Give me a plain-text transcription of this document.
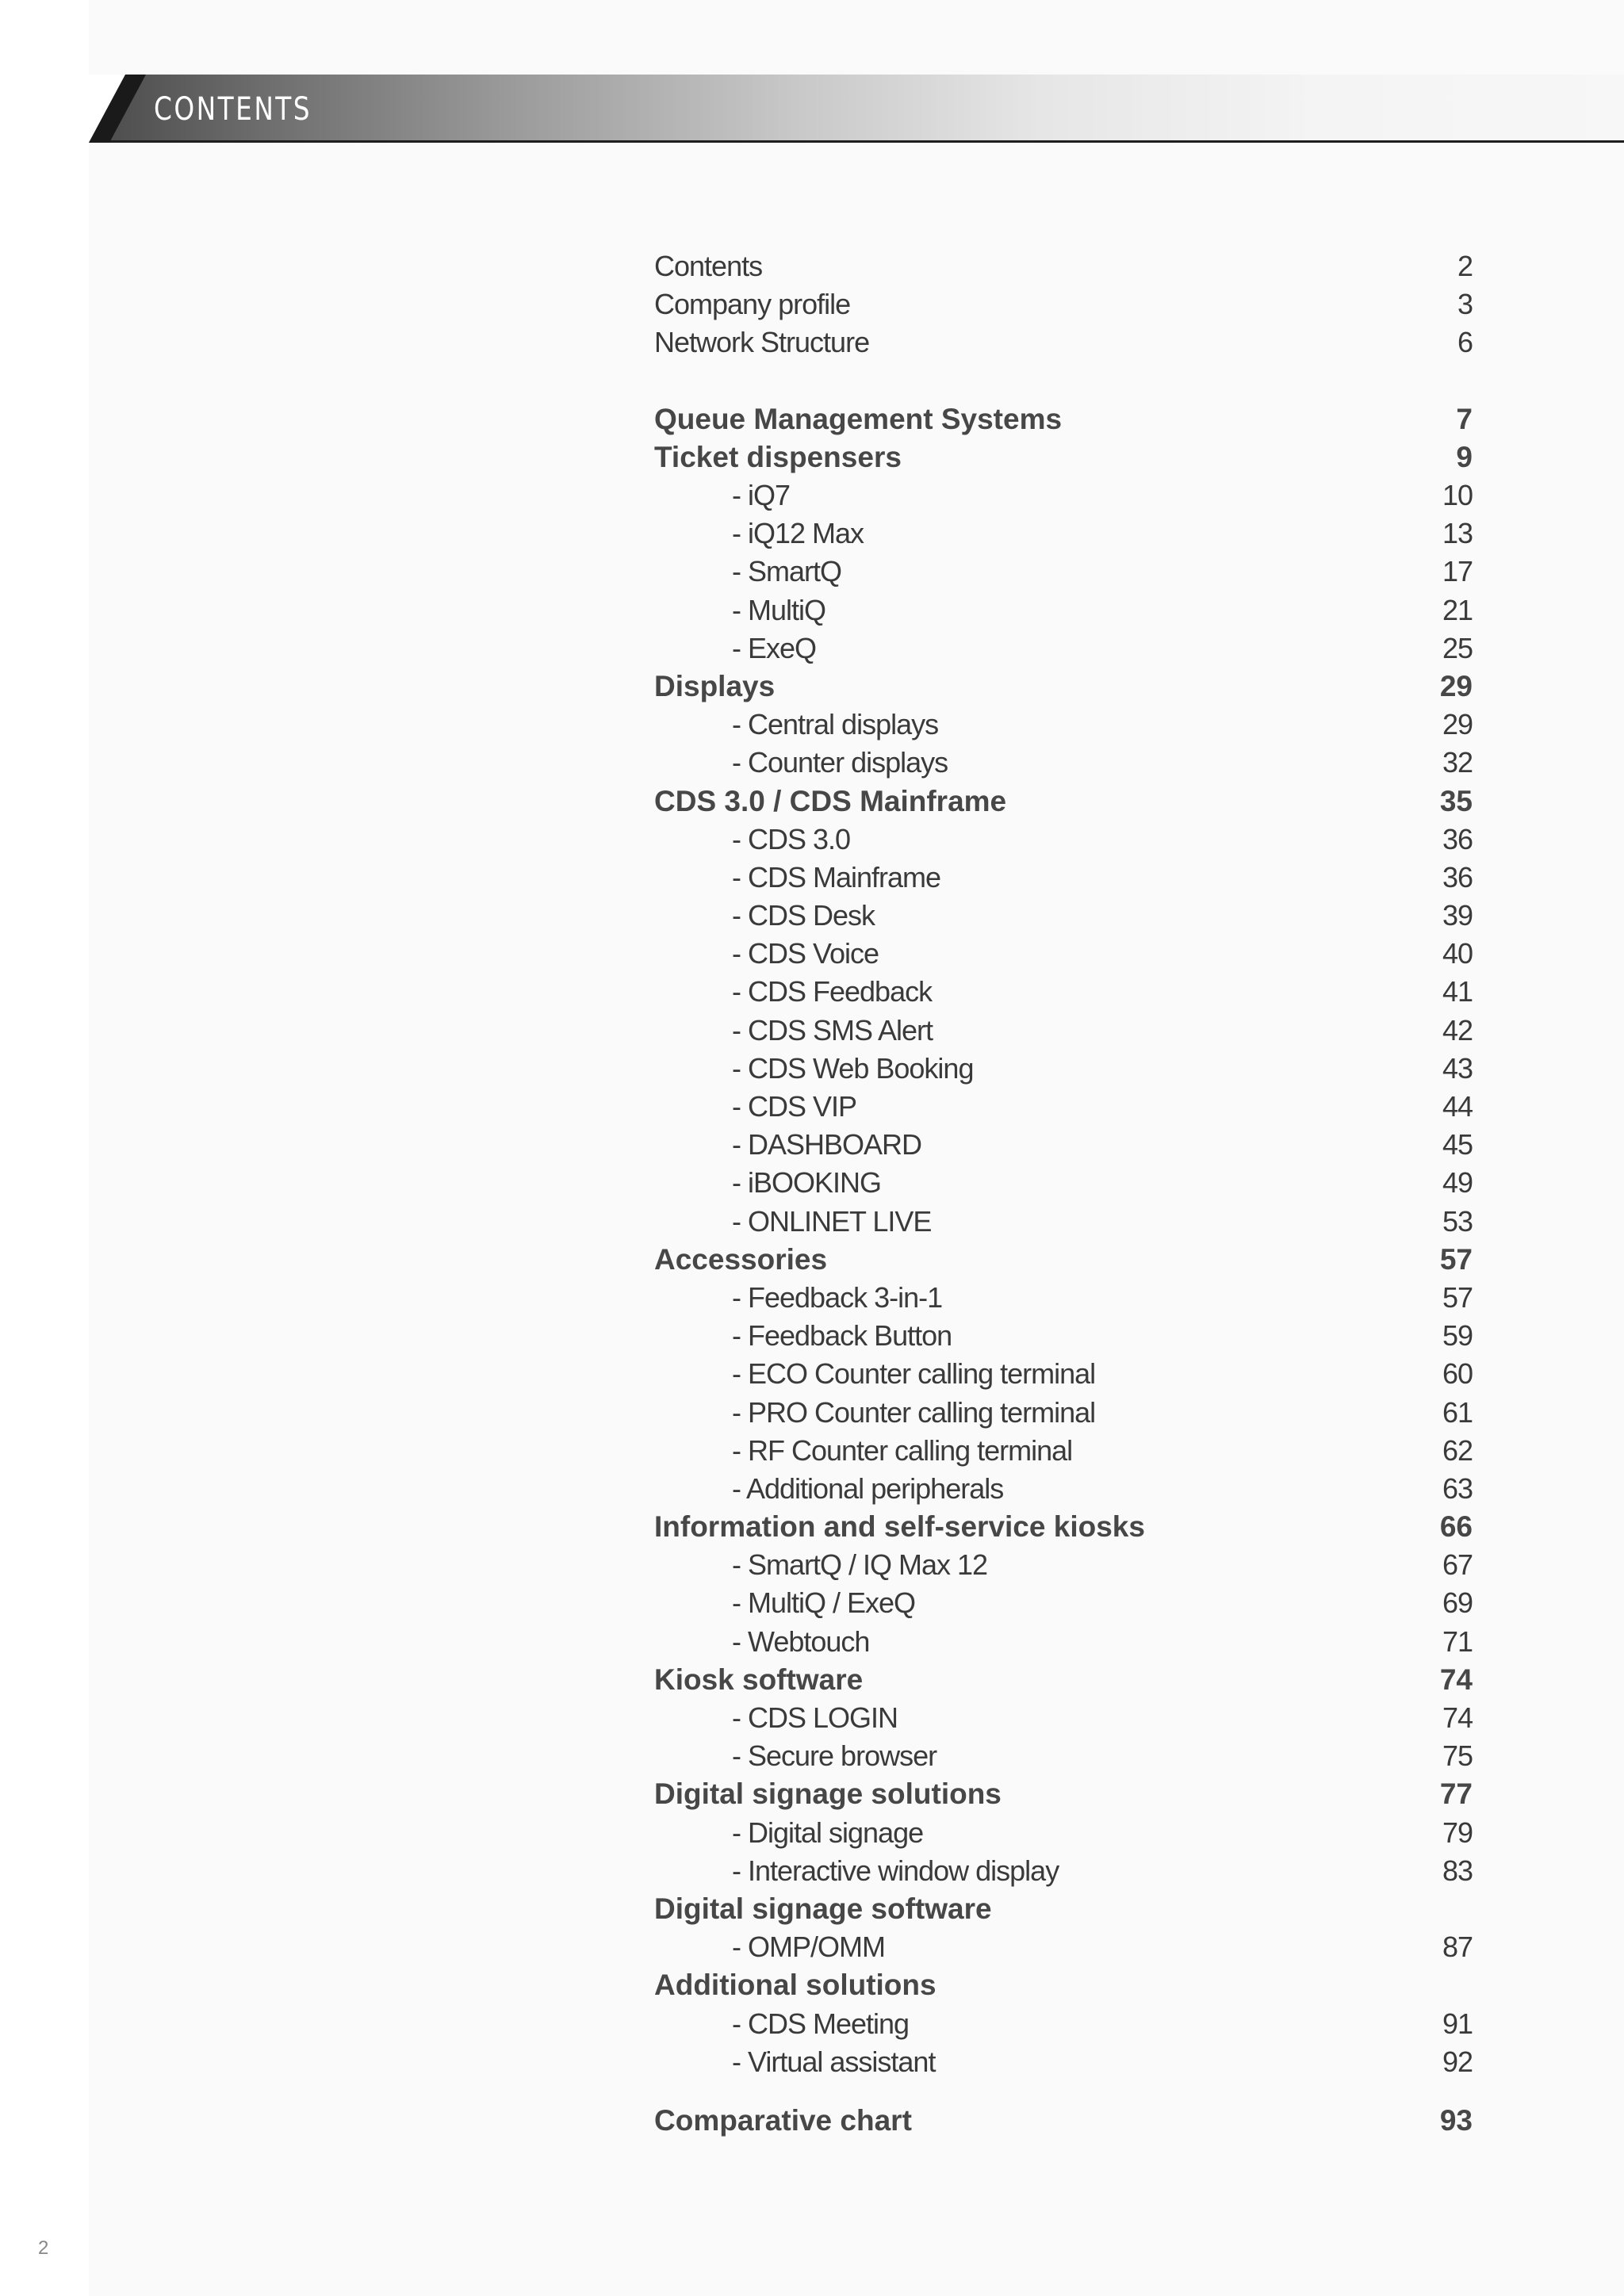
CONTENTS
Contents	2
Company profile	3
Network Structure	6
Queue Management Systems	7
Ticket dispensers	9
- iQ7	10
- iQ12 Max	13
- SmartQ	17
- MultiQ	21
- ExeQ	25
Displays	29
- Central displays	29
- Counter displays	32
CDS 3.0 / CDS Mainframe	35
- CDS 3.0	36
- CDS Mainframe	36
- CDS Desk	39
- CDS Voice	40
- CDS Feedback	41
- CDS SMS Alert	42
- CDS Web Booking	43
- CDS VIP	44
- DASHBOARD	45
- iBOOKING	49
- ONLINET LIVE	53
Accessories	57
- Feedback 3-in-1	57
- Feedback Button	59
- ECO Counter calling terminal	60
- PRO Counter calling terminal	61
- RF Counter calling terminal	62
- Additional peripherals	63
Information and self-service kiosks	66
- SmartQ / IQ Max 12	67
- MultiQ / ExeQ	69
- Webtouch	71
Kiosk software	74
- CDS LOGIN	74
- Secure browser	75
Digital signage solutions	77
- Digital signage	79
- Interactive window display	83
Digital signage software
- OMP/OMM	87
Additional solutions
- CDS Meeting	91
- Virtual assistant	92
Comparative chart	93
2
